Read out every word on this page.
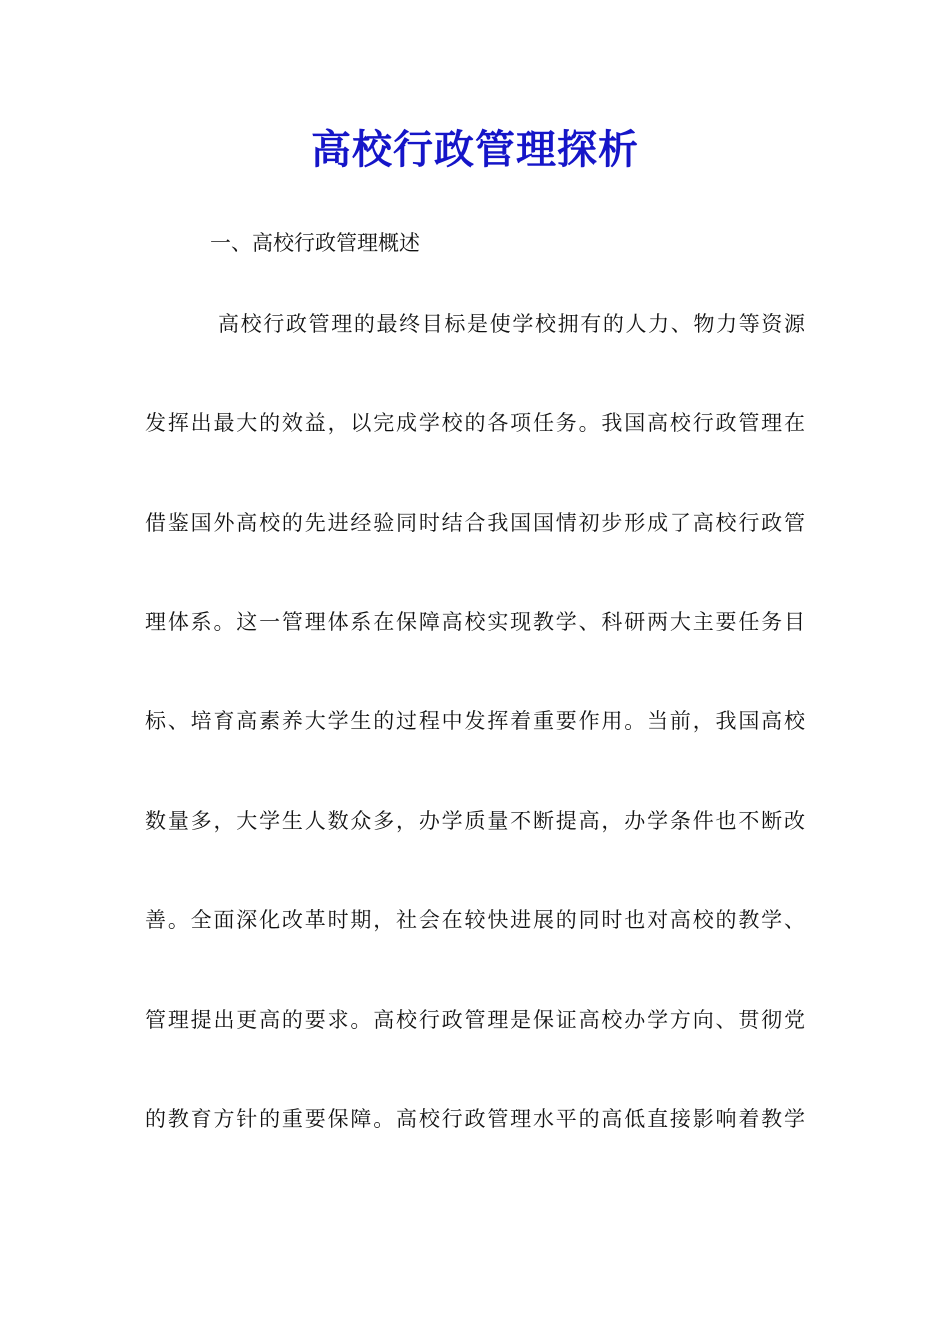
高校行政管理探析
一、高校行政管理概述
高校行政管理的最终目标是使学校拥有的人力、物力等资源
发挥出最大的效益，以完成学校的各项任务。我国高校行政管理在
借鉴国外高校的先进经验同时结合我国国情初步形成了高校行政管
理体系。这一管理体系在保障高校实现教学、科研两大主要任务目
标、培育高素养大学生的过程中发挥着重要作用。当前，我国高校
数量多，大学生人数众多，办学质量不断提高，办学条件也不断改
善。全面深化改革时期，社会在较快进展的同时也对高校的教学、
管理提出更高的要求。高校行政管理是保证高校办学方向、贯彻党
的教育方针的重要保障。高校行政管理水平的高低直接影响着教学
